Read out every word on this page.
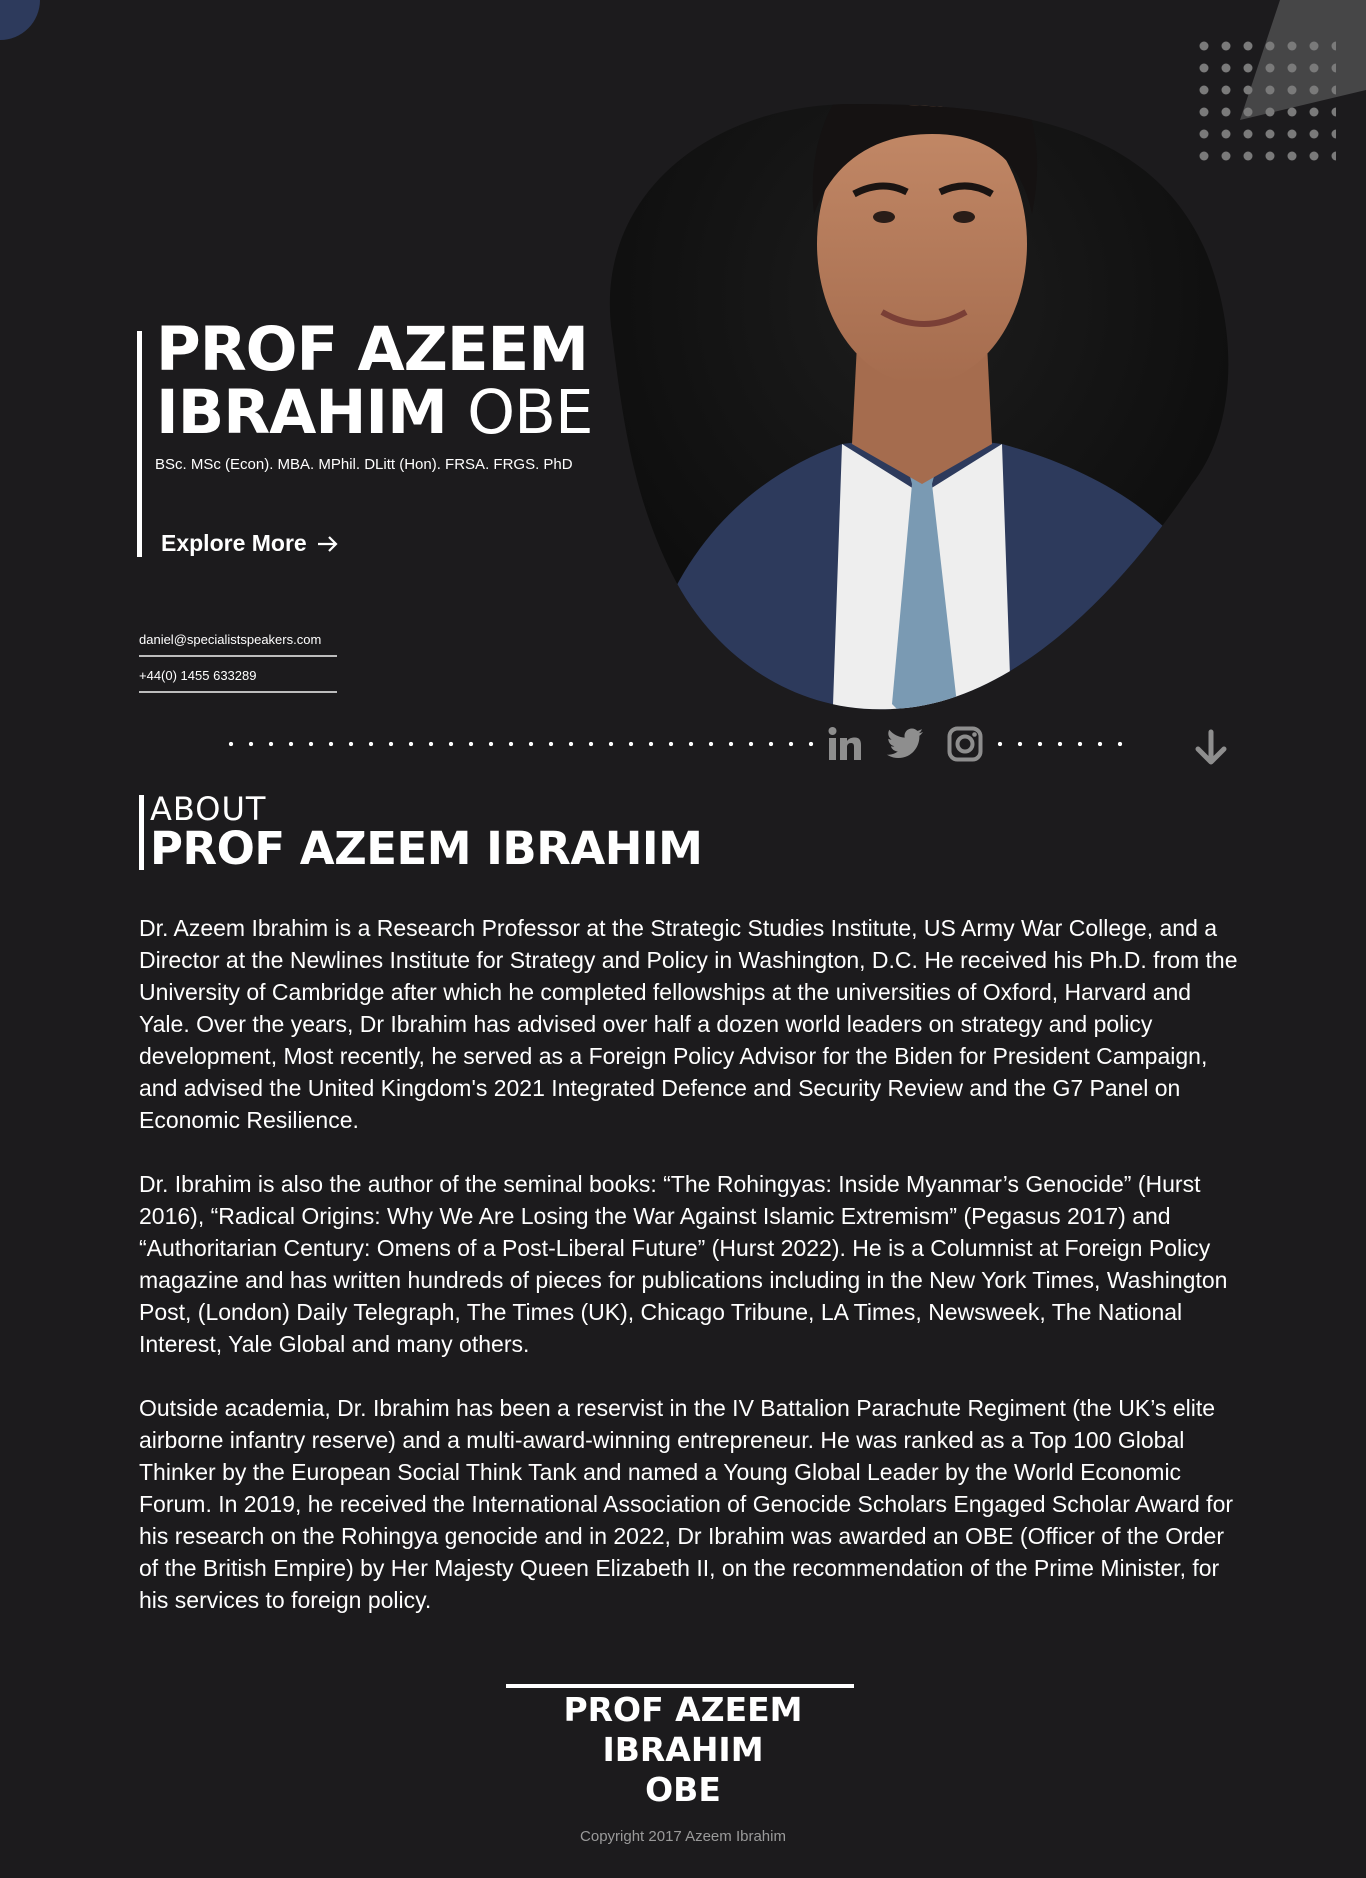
PROF AZEEM
IBRAHIM OBE
BSc. MSc (Econ). MBA. MPhil. DLitt (Hon). FRSA. FRGS. PhD
Explore More
daniel@specialistspeakers.com
+44(0) 1455 633289
ABOUT
PROF AZEEM IBRAHIM

Dr. Azeem Ibrahim is a Research Professor at the Strategic Studies Institute, US Army War College, and a Director at the Newlines Institute for Strategy and Policy in Washington, D.C. He received his Ph.D. from the University of Cambridge after which he completed fellowships at the universities of Oxford, Harvard and Yale. Over the years, Dr Ibrahim has advised over half a dozen world leaders on strategy and policy development, Most recently, he served as a Foreign Policy Advisor for the Biden for President Campaign, and advised the United Kingdom's 2021 Integrated Defence and Security Review and the G7 Panel on Economic Resilience.

Dr. Ibrahim is also the author of the seminal books: “The Rohingyas: Inside Myanmar’s Genocide” (Hurst 2016), “Radical Origins: Why We Are Losing the War Against Islamic Extremism” (Pegasus 2017) and “Authoritarian Century: Omens of a Post-Liberal Future” (Hurst 2022). He is a Columnist at Foreign Policy magazine and has written hundreds of pieces for publications including in the New York Times, Washington Post, (London) Daily Telegraph, The Times (UK), Chicago Tribune, LA Times, Newsweek, The National Interest, Yale Global and many others.

Outside academia, Dr. Ibrahim has been a reservist in the IV Battalion Parachute Regiment (the UK’s elite airborne infantry reserve) and a multi-award-winning entrepreneur. He was ranked as a Top 100 Global Thinker by the European Social Think Tank and named a Young Global Leader by the World Economic Forum. In 2019, he received the International Association of Genocide Scholars Engaged Scholar Award for his research on the Rohingya genocide and in 2022, Dr Ibrahim was awarded an OBE (Officer of the Order of the British Empire) by Her Majesty Queen Elizabeth II, on the recommendation of the Prime Minister, for his services to foreign policy.

PROF AZEEM IBRAHIM
OBE
Copyright 2017 Azeem Ibrahim
